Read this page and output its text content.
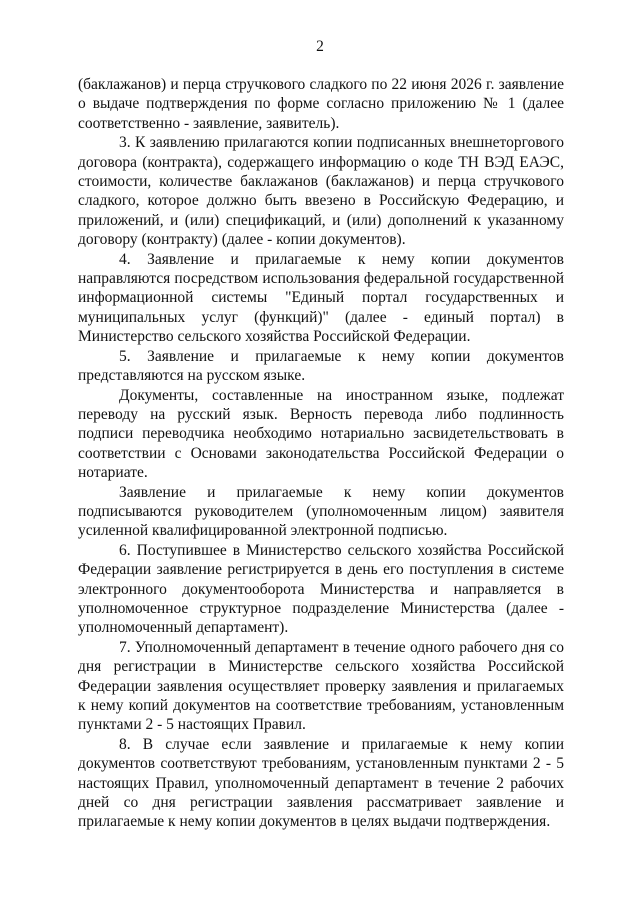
2

(баклажанов) и перца стручкового сладкого по 22 июня 2026 г. заявление о выдаче подтверждения по форме согласно приложению № 1 (далее соответственно - заявление, заявитель).

3. К заявлению прилагаются копии подписанных внешнеторгового договора (контракта), содержащего информацию о коде ТН ВЭД ЕАЭС, стоимости, количестве баклажанов (баклажанов) и перца стручкового сладкого, которое должно быть ввезено в Российскую Федерацию, и приложений, и (или) спецификаций, и (или) дополнений к указанному договору (контракту) (далее - копии документов).

4. Заявление и прилагаемые к нему копии документов направляются посредством использования федеральной государственной информационной системы "Единый портал государственных и муниципальных услуг (функций)" (далее - единый портал) в Министерство сельского хозяйства Российской Федерации.

5. Заявление и прилагаемые к нему копии документов представляются на русском языке.

Документы, составленные на иностранном языке, подлежат переводу на русский язык. Верность перевода либо подлинность подписи переводчика необходимо нотариально засвидетельствовать в соответствии с Основами законодательства Российской Федерации о нотариате.

Заявление и прилагаемые к нему копии документов подписываются руководителем (уполномоченным лицом) заявителя усиленной квалифицированной электронной подписью.

6. Поступившее в Министерство сельского хозяйства Российской Федерации заявление регистрируется в день его поступления в системе электронного документооборота Министерства и направляется в уполномоченное структурное подразделение Министерства (далее - уполномоченный департамент).

7. Уполномоченный департамент в течение одного рабочего дня со дня регистрации в Министерстве сельского хозяйства Российской Федерации заявления осуществляет проверку заявления и прилагаемых к нему копий документов на соответствие требованиям, установленным пунктами 2 - 5 настоящих Правил.

8. В случае если заявление и прилагаемые к нему копии документов соответствуют требованиям, установленным пунктами 2 - 5 настоящих Правил, уполномоченный департамент в течение 2 рабочих дней со дня регистрации заявления рассматривает заявление и прилагаемые к нему копии документов в целях выдачи подтверждения.
